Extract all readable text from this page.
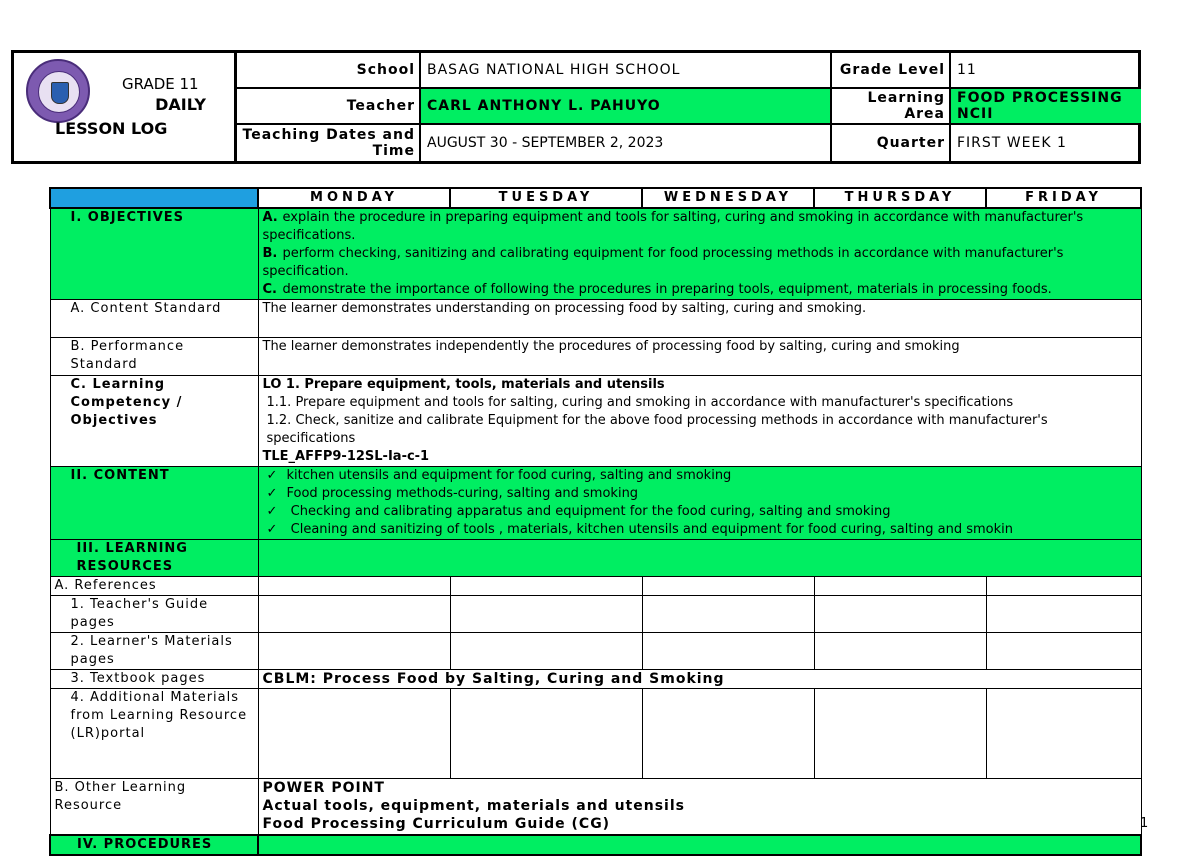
GRADE 11
DAILY
LESSON LOG
School BASAG NATIONAL HIGH SCHOOL	Grade Level 11
Teacher CARL ANTHONY L. PAHUYO	Learning Area
FOOD PROCESSING NCII
Teaching Dates and Time AUGUST 30 - SEPTEMBER 2, 2023	Quarter FIRST WEEK 1
	MONDAY	TUESDAY	WEDNESDAY	THURSDAY	FRIDAY
I. OBJECTIVES	A. explain the procedure in preparing equipment and tools for salting, curing and smoking in accordance with manufacturer's specifications.
B. perform checking, sanitizing and calibrating equipment for food processing methods in accordance with manufacturer's specification.
C. demonstrate the importance of following the procedures in preparing tools, equipment, materials in processing foods.				

A. Content Standard	The learner demonstrates understanding on processing food by salting, curing and smoking.				
B. Performance Standard	The learner demonstrates independently the procedures of processing food by salting, curing and smoking				
C. Learning Competency / Objectives	LO 1. Prepare equipment, tools, materials and utensils
1.1. Prepare equipment and tools for salting, curing and smoking in accordance with manufacturer's specifications
1.2. Check, sanitize and calibrate Equipment for the above food processing methods in accordance with manufacturer's specifications
TLE_AFFP9-12SL-Ia-c-1				

II. CONTENT	✓ kitchen utensils and equipment for food curing, salting and smoking
✓ Food processing methods-curing, salting and smoking
✓ Checking and calibrating apparatus and equipment for the food curing, salting and smoking
✓ Cleaning and sanitizing of tools , materials, kitchen utensils and equipment for food curing, salting and smokin				

III. LEARNING RESOURCES					
A. References					
1. Teacher's Guide pages					
2. Learner's Materials pages					
3. Textbook pages	CBLM: Process Food by Salting, Curing and Smoking				
4. Additional Materials from Learning Resource (LR)portal					
B. Other Learning Resource	POWER POINT
Actual tools, equipment, materials and utensils
Food Processing Curriculum Guide (CG)				

IV. PROCEDURES					
1
